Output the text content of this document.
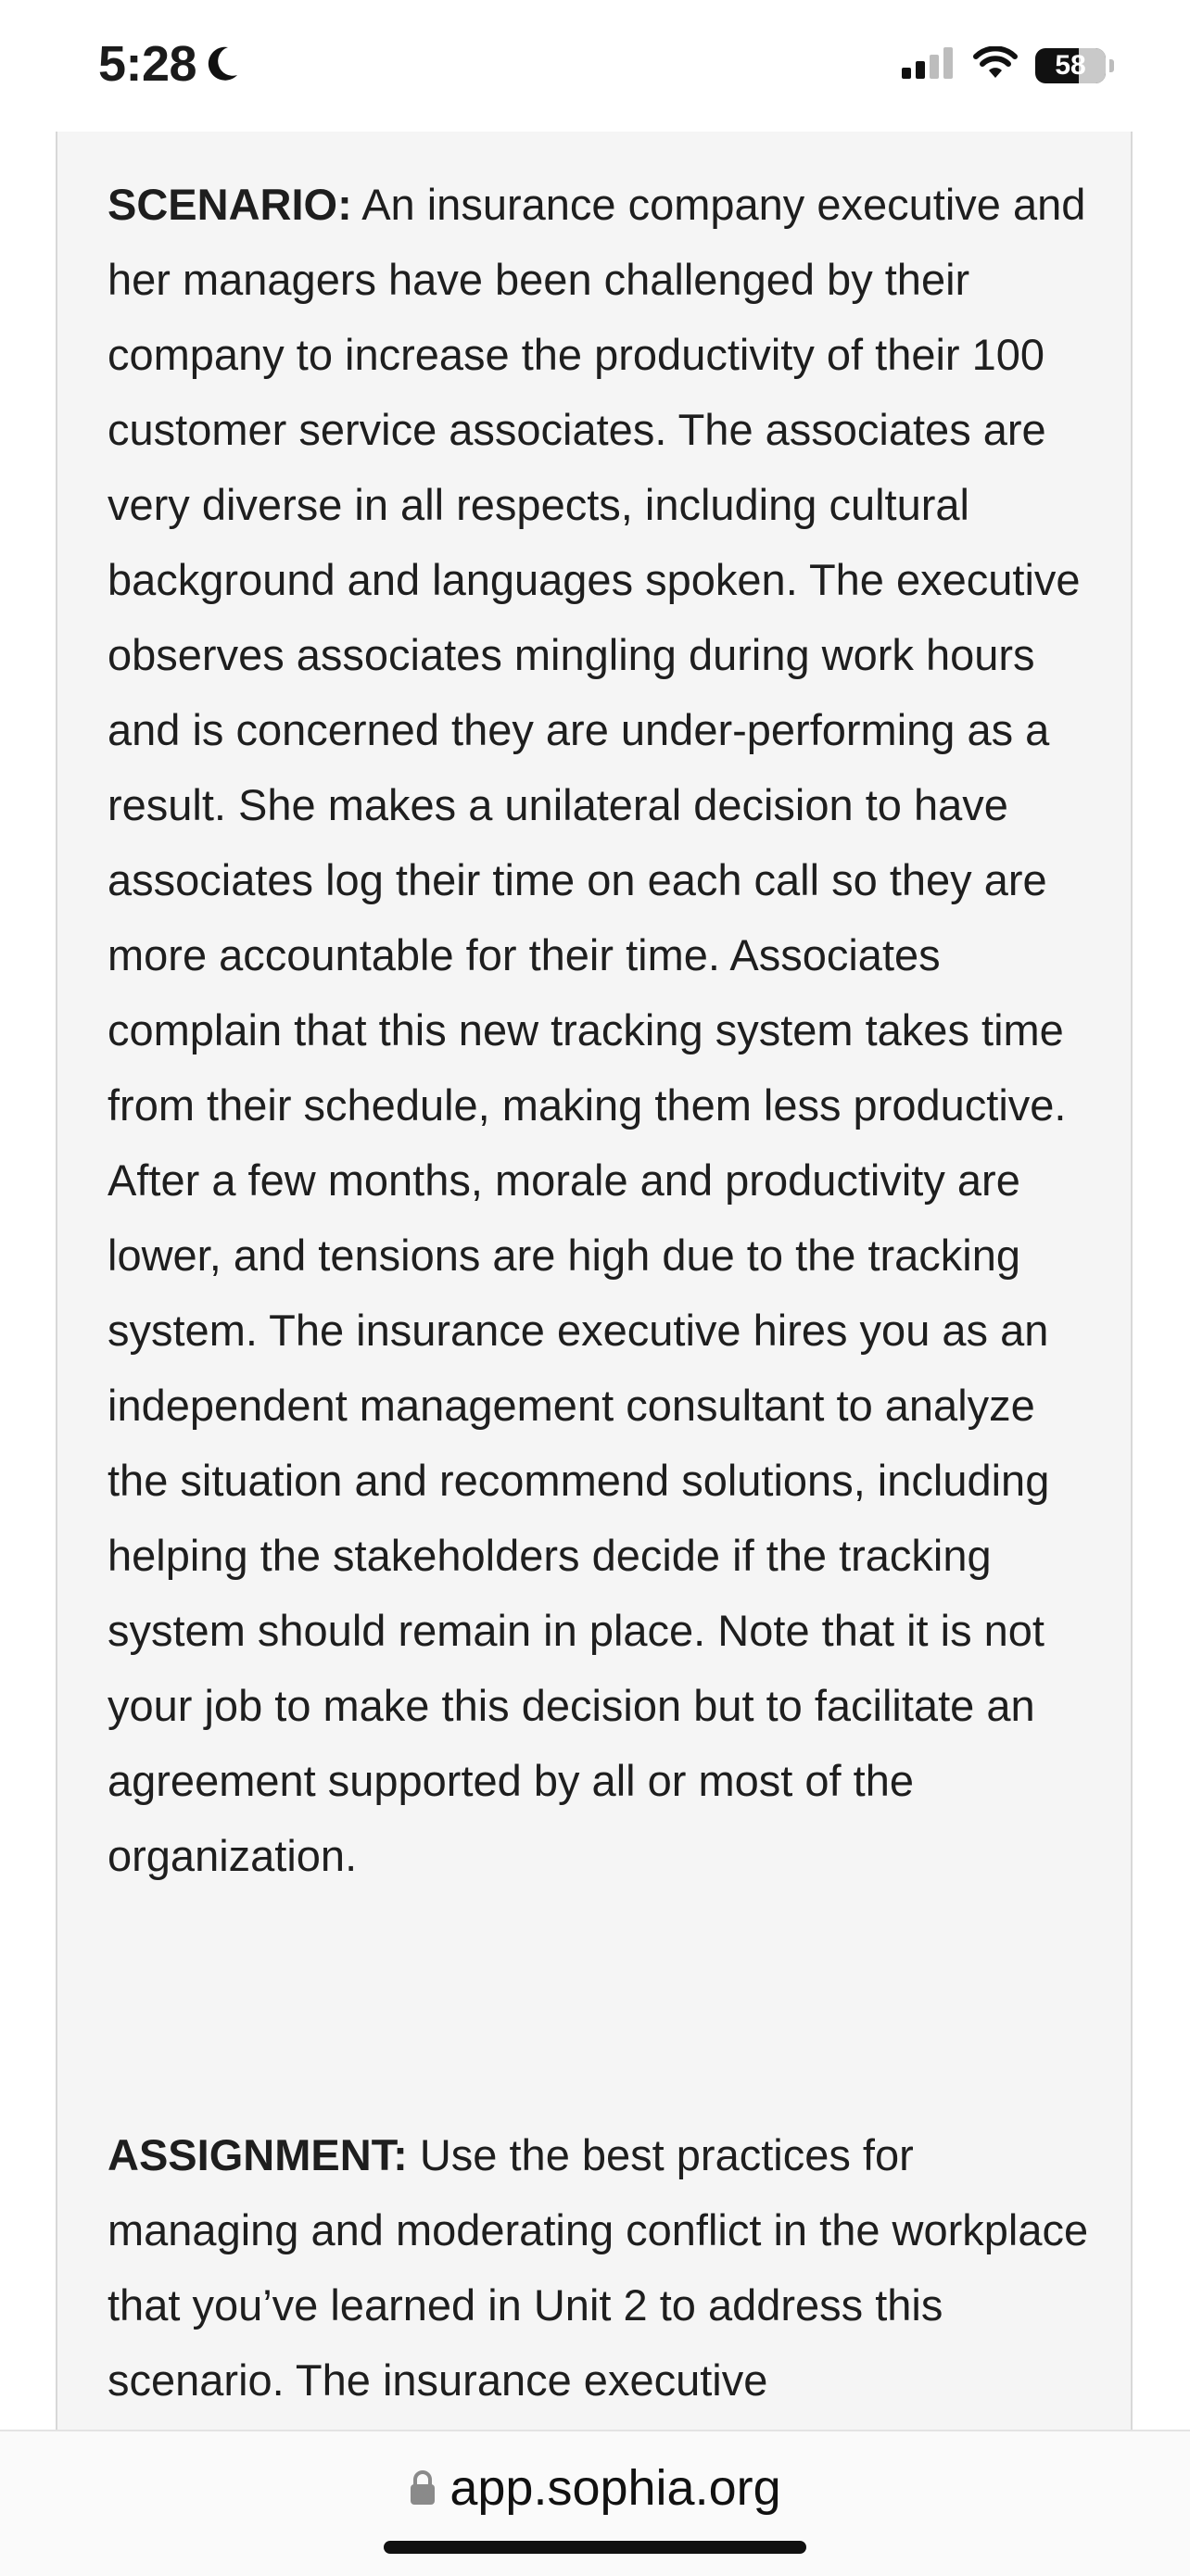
5:28	58

SCENARIO: An insurance company executive and her managers have been challenged by their company to increase the productivity of their 100 customer service associates. The associates are very diverse in all respects, including cultural background and languages spoken. The executive observes associates mingling during work hours and is concerned they are under-performing as a result. She makes a unilateral decision to have associates log their time on each call so they are more accountable for their time. Associates complain that this new tracking system takes time from their schedule, making them less productive. After a few months, morale and productivity are lower, and tensions are high due to the tracking system. The insurance executive hires you as an independent management consultant to analyze the situation and recommend solutions, including helping the stakeholders decide if the tracking system should remain in place. Note that it is not your job to make this decision but to facilitate an agreement supported by all or most of the organization.

ASSIGNMENT: Use the best practices for managing and moderating conflict in the workplace that you’ve learned in Unit 2 to address this scenario. The insurance executive

app.sophia.org
